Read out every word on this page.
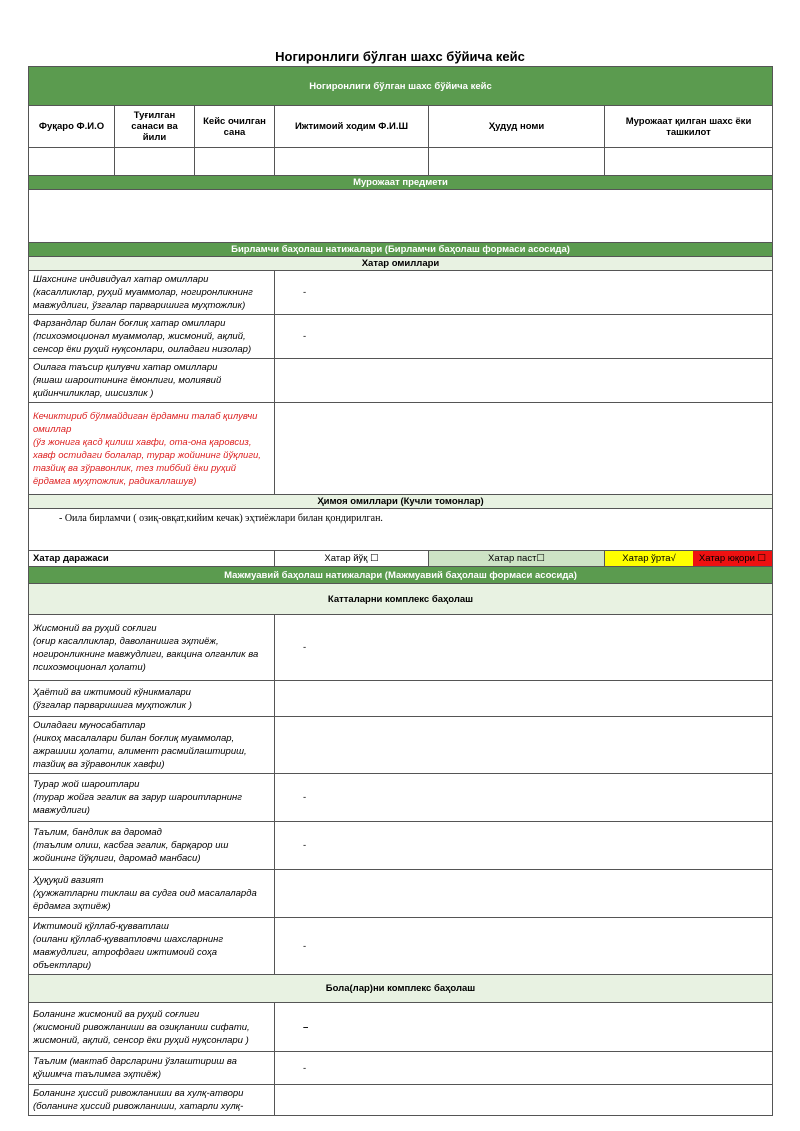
Ногиронлиги бўлган шахс бўйича кейс
Ногиронлиги бўлган шахс бўйича кейс					
Фуқаро Ф.И.О	Туғилган санаси ва йили	Кейс очилган сана	Ижтимоий ходим Ф.И.Ш	Ҳудуд номи	Мурожаат қилган шахс ёки ташкилот

Мурожаат предмети					

Бирламчи баҳолаш натижалари (Бирламчи баҳолаш формаси асосида)					
Хатар омиллари					
Шахснинг индивидуал хатар омиллари
(касалликлар, руҳий муаммолар, ногиронликнинг мавжудлиги, ўзгалар парваришига муҳтожлик)			-		
Фарзандлар билан боғлиқ хатар омиллари
(психоэмоционал муаммолар, жисмоний, ақлий, сенсор ёки руҳий нуқсонлари, оиладаги низолар)			-		
Оилага таъсир қилувчи хатар омиллари
(яшаш шароитининг ёмонлиги, молиявий қийинчиликлар, ишсизлик )					
Кечиктириб бўлмайдиган ёрдамни талаб қилувчи омиллар
(ўз жонига қасд қилиш хавфи, ота-она қаровсиз, хавф остидаги болалар, турар жойининг йўқлиги, тазйиқ ва зўравонлик, тез тиббий ёки руҳий ёрдамга муҳтожлик, радикаллашув)					
Ҳимоя омиллари (Кучли томонлар)					
- Оила бирламчи ( озиқ-овқат,кийим кечак) эҳтиёжлари билан қондирилган.					
Хатар даражаси			Хатар йўқ ☐	Хатар паст☐	Хатар ўрта√ Хатар юқори ☐

Мажмуавий баҳолаш натижалари (Мажмуавий баҳолаш формаси асосида)					
Катталарни комплекс баҳолаш					
Жисмоний ва руҳий соғлиги
(оғир касалликлар, даволанишга эҳтиёж, ногиронликнинг мавжудлиги, вакцина олганлик ва психоэмоционал ҳолати)			-		
Ҳаётий ва ижтимоий кўникмалари
(ўзгалар парваришига муҳтожлик )					
Оиладаги муносабатлар
(никоҳ масалалари билан боғлиқ муаммолар, ажрашиш ҳолати, алимент расмийлаштириш, тазйиқ ва зўравонлик хавфи)					
Турар жой шароитлари
(турар жойга эгалик ва зарур шароитларнинг мавжудлиги)			-		
Таълим, бандлик ва даромад
(таълим олиш, касбга эгалик, барқарор иш жойининг йўқлиги, даромад манбаси)			-		
Ҳуқуқий вазият
(ҳужжатларни тиклаш ва судга оид масалаларда ёрдамга эҳтиёж)					
Ижтимоий қўллаб-қувватлаш
(оилани қўллаб-қувватловчи шахсларнинг мавжудлиги, атрофдаги ижтимоий соҳа объектлари)			-		
Бола(лар)ни комплекс баҳолаш					
Боланинг жисмоний ва руҳий соғлиги
(жисмоний ривожланиши ва озиқланиш сифати, жисмоний, ақлий, сенсор ёки руҳий нуқсонлари )			–		
Таълим (мактаб дарсларини ўзлаштириш ва қўшимча таълимга эҳтиёж)			-		
Боланинг ҳиссий ривожланиши ва хулқ-атвори
(боланинг ҳиссий ривожланиши, хатарли хулқ-					
